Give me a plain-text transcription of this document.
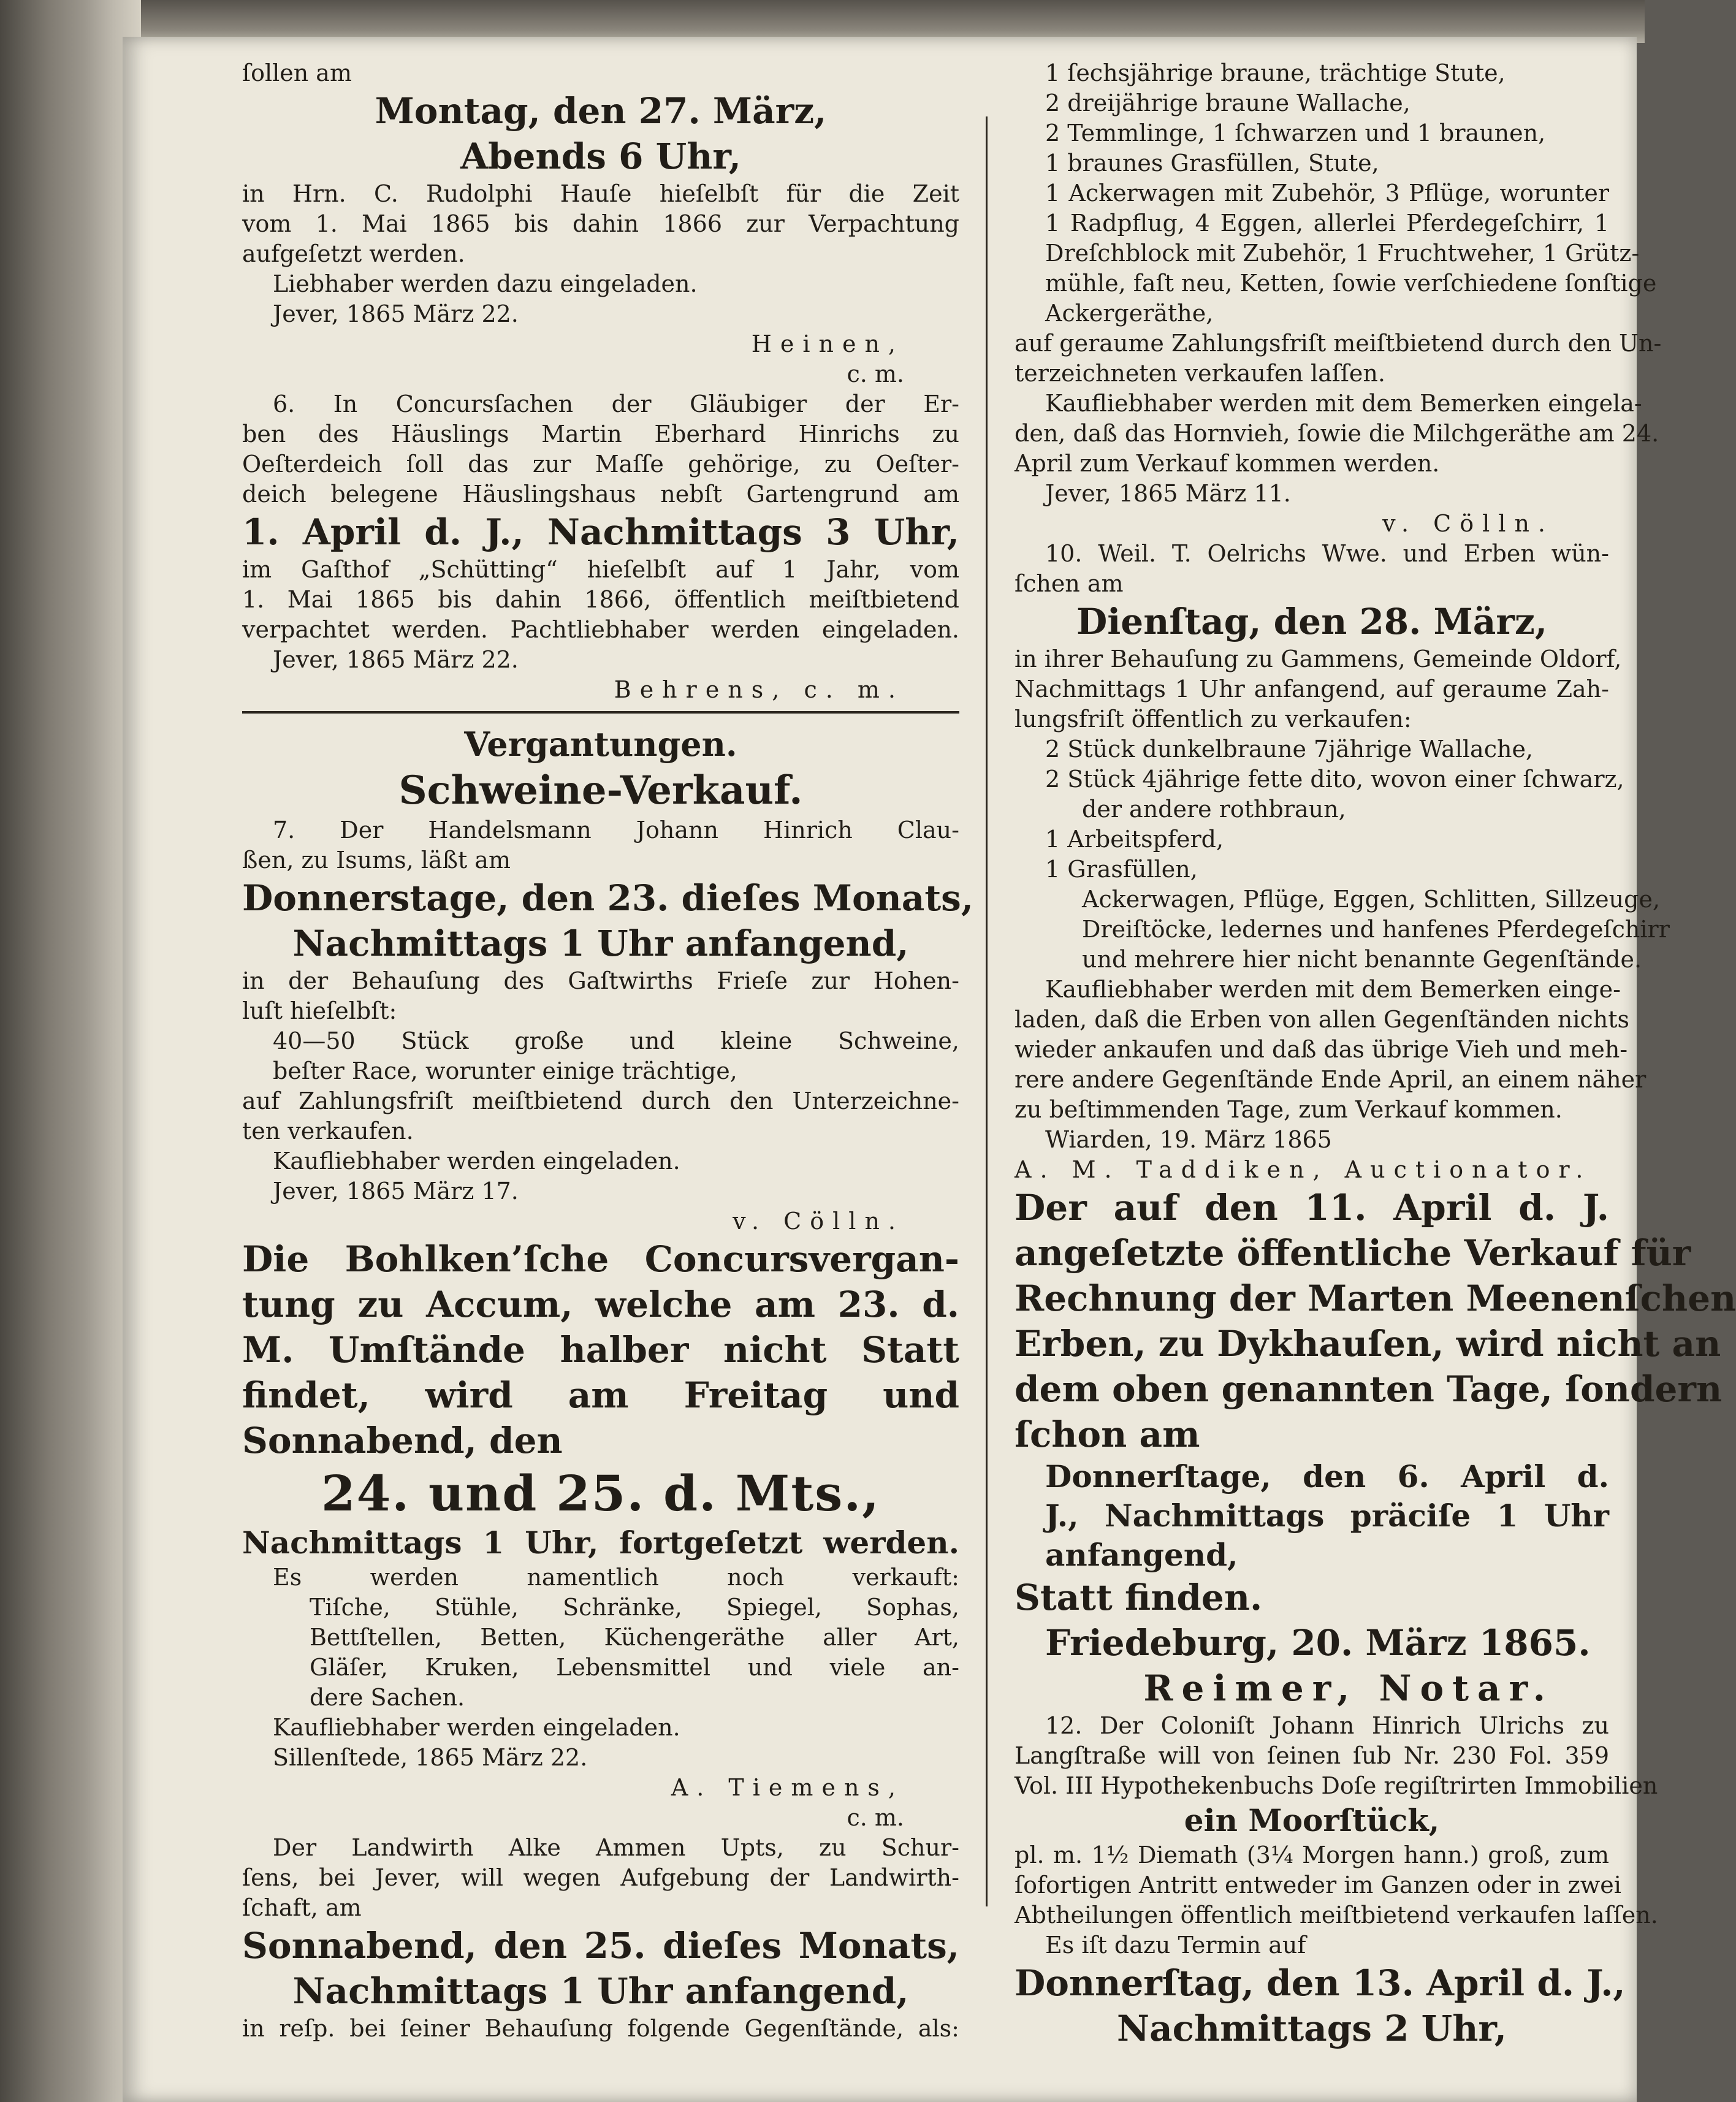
ſollen am
Montag, den 27. März,
Abends 6 Uhr,
in Hrn. C. Rudolphi Hauſe hieſelbſt für die Zeit
vom 1. Mai 1865 bis dahin 1866 zur Verpachtung
aufgeſetzt werden.
Liebhaber werden dazu eingeladen.
Jever, 1865 März 22.
Heinen,
c. m.
6. In Concursſachen der Gläubiger der Er-
ben des Häuslings Martin Eberhard Hinrichs zu
Oeſterdeich ſoll das zur Maſſe gehörige, zu Oeſter-
deich belegene Häuslingshaus nebſt Gartengrund am
1. April d. J., Nachmittags 3 Uhr,
im Gaſthof „Schütting“ hieſelbſt auf 1 Jahr, vom
1. Mai 1865 bis dahin 1866, öffentlich meiſtbietend
verpachtet werden. Pachtliebhaber werden eingeladen.
Jever, 1865 März 22.
Behrens, c. m.
Vergantungen.
Schweine-Verkauf.
7. Der Handelsmann Johann Hinrich Clau-
ßen, zu Isums, läßt am
Donnerstage, den 23. dieſes Monats,
Nachmittags 1 Uhr anfangend,
in der Behauſung des Gaſtwirths Frieſe zur Hohen-
luſt hieſelbſt:
40—50 Stück große und kleine Schweine,
beſter Race, worunter einige trächtige,
auf Zahlungsfriſt meiſtbietend durch den Unterzeichne-
ten verkaufen.
Kaufliebhaber werden eingeladen.
Jever, 1865 März 17.
v. Cölln.
Die Bohlken’ſche Concursvergan-
tung zu Accum, welche am 23. d.
M. Umſtände halber nicht Statt
findet, wird am Freitag und
Sonnabend, den
24. und 25. d. Mts.,
Nachmittags 1 Uhr, fortgeſetzt werden.
Es werden namentlich noch verkauft:
Tiſche, Stühle, Schränke, Spiegel, Sophas,
Bettſtellen, Betten, Küchengeräthe aller Art,
Gläſer, Kruken, Lebensmittel und viele an-
dere Sachen.
Kaufliebhaber werden eingeladen.
Sillenſtede, 1865 März 22.
A. Tiemens,
c. m.
Der Landwirth Alke Ammen Upts, zu Schur-
ſens, bei Jever, will wegen Aufgebung der Landwirth-
ſchaft, am
Sonnabend, den 25. dieſes Monats,
Nachmittags 1 Uhr anfangend,
in reſp. bei ſeiner Behauſung folgende Gegenſtände, als:
1 ſechsjährige braune, trächtige Stute,
2 dreijährige braune Wallache,
2 Temmlinge, 1 ſchwarzen und 1 braunen,
1 braunes Grasfüllen, Stute,
1 Ackerwagen mit Zubehör, 3 Pflüge, worunter
1 Radpflug, 4 Eggen, allerlei Pferdegeſchirr, 1
Dreſchblock mit Zubehör, 1 Fruchtweher, 1 Grütz-
mühle, faſt neu, Ketten, ſowie verſchiedene ſonſtige
Ackergeräthe,
auf geraume Zahlungsfriſt meiſtbietend durch den Un-
terzeichneten verkaufen laſſen.
Kaufliebhaber werden mit dem Bemerken eingela-
den, daß das Hornvieh, ſowie die Milchgeräthe am 24.
April zum Verkauf kommen werden.
Jever, 1865 März 11.
v. Cölln.
10. Weil. T. Oelrichs Wwe. und Erben wün-
ſchen am
Dienſtag, den 28. März,
in ihrer Behauſung zu Gammens, Gemeinde Oldorf,
Nachmittags 1 Uhr anfangend, auf geraume Zah-
lungsfriſt öffentlich zu verkaufen:
2 Stück dunkelbraune 7jährige Wallache,
2 Stück 4jährige fette dito, wovon einer ſchwarz,
der andere rothbraun,
1 Arbeitspferd,
1 Grasfüllen,
Ackerwagen, Pflüge, Eggen, Schlitten, Sillzeuge,
Dreiſtöcke, ledernes und hanfenes Pferdegeſchirr
und mehrere hier nicht benannte Gegenſtände.
Kaufliebhaber werden mit dem Bemerken einge-
laden, daß die Erben von allen Gegenſtänden nichts
wieder ankaufen und daß das übrige Vieh und meh-
rere andere Gegenſtände Ende April, an einem näher
zu beſtimmenden Tage, zum Verkauf kommen.
Wiarden, 19. März 1865
A. M. Taddiken, Auctionator.
Der auf den 11. April d. J.
angeſetzte öffentliche Verkauf für
Rechnung der Marten Meenenſchen
Erben, zu Dykhauſen, wird nicht an
dem oben genannten Tage, ſondern
ſchon am
Donnerſtage, den 6. April d.
J., Nachmittags präciſe 1 Uhr
anfangend,
Statt finden.
Friedeburg, 20. März 1865.
Reimer, Notar.
12. Der Coloniſt Johann Hinrich Ulrichs zu
Langſtraße will von ſeinen ſub Nr. 230 Fol. 359
Vol. III Hypothekenbuchs Doſe regiſtrirten Immobilien
ein Moorſtück,
pl. m. 1½ Diemath (3¼ Morgen hann.) groß, zum
ſofortigen Antritt entweder im Ganzen oder in zwei
Abtheilungen öffentlich meiſtbietend verkaufen laſſen.
Es iſt dazu Termin auf
Donnerſtag, den 13. April d. J.,
Nachmittags 2 Uhr,
